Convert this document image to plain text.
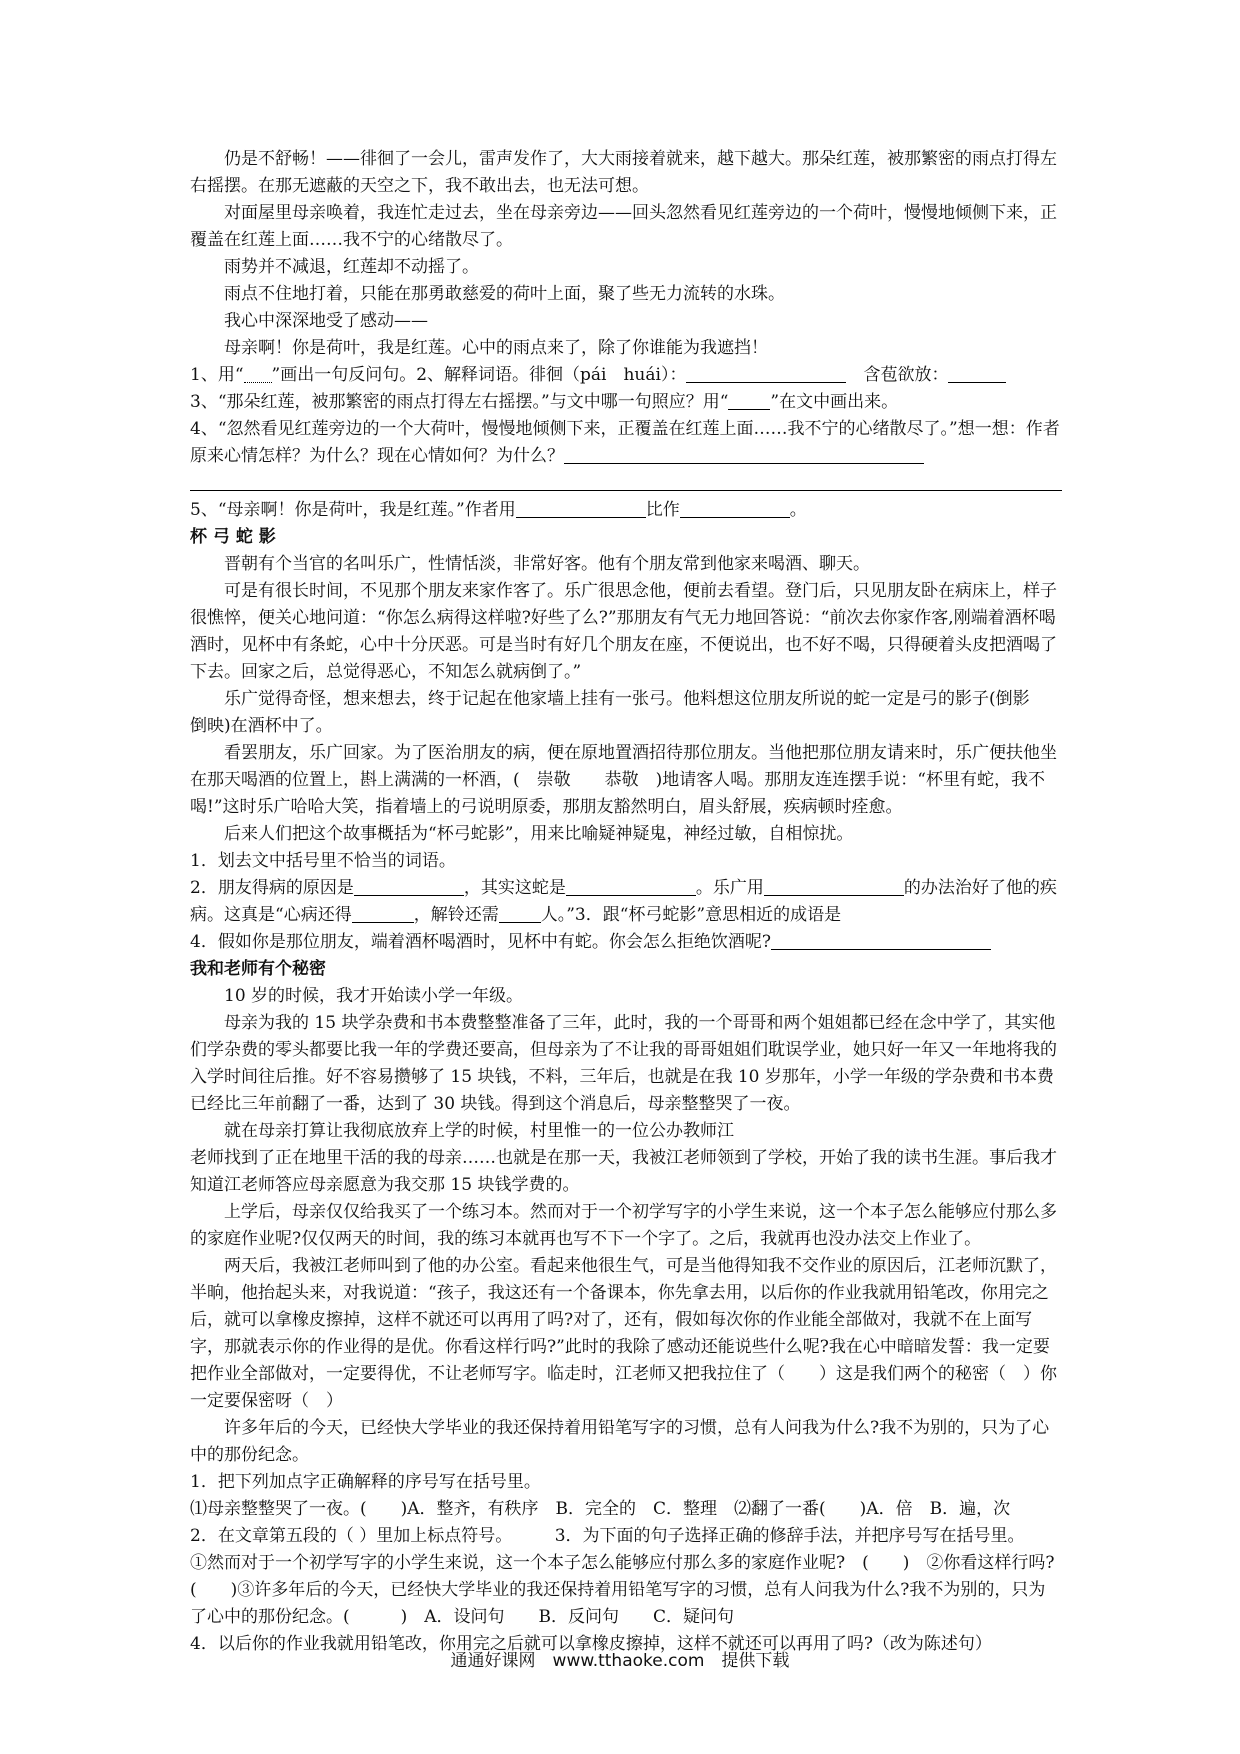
仍是不舒畅！——徘徊了一会儿，雷声发作了，大大雨接着就来，越下越大。那朵红莲，被那繁密的雨点打得左右摇摆。在那无遮蔽的天空之下，我不敢出去，也无法可想。

对面屋里母亲唤着，我连忙走过去，坐在母亲旁边——回头忽然看见红莲旁边的一个荷叶，慢慢地倾侧下来，正覆盖在红莲上面……我不宁的心绪散尽了。

雨势并不减退，红莲却不动摇了。

雨点不住地打着，只能在那勇敢慈爱的荷叶上面，聚了些无力流转的水珠。

我心中深深地受了感动——

母亲啊！你是荷叶，我是红莲。心中的雨点来了，除了你谁能为我遮挡！

1、用“ ”画出一句反问句。2、解释词语。徘徊（pái　huái）：　	含苞欲放：

3、“那朵红莲，被那繁密的雨点打得左右摇摆。”与文中哪一句照应？用“ ”在文中画出来。

4、“忽然看见红莲旁边的一个大荷叶，慢慢地倾侧下来，正覆盖在红莲上面……我不宁的心绪散尽了。”想一想：作者原来心情怎样？为什么？现在心情如何？为什么？

5、“母亲啊！你是荷叶，我是红莲。”作者用	比作	。

杯 弓 蛇 影

晋朝有个当官的名叫乐广，性情恬淡，非常好客。他有个朋友常到他家来喝酒、聊天。

可是有很长时间，不见那个朋友来家作客了。乐广很思念他，便前去看望。登门后，只见朋友卧在病床上，样子很憔悴，便关心地问道：“你怎么病得这样啦?好些了么?”那朋友有气无力地回答说：“前次去你家作客,刚端着酒杯喝酒时，见杯中有条蛇，心中十分厌恶。可是当时有好几个朋友在座，不便说出，也不好不喝，只得硬着头皮把酒喝了下去。回家之后，总觉得恶心，不知怎么就病倒了。”

乐广觉得奇怪，想来想去，终于记起在他家墙上挂有一张弓。他料想这位朋友所说的蛇一定是弓的影子(倒影　倒映)在酒杯中了。

看罢朋友，乐广回家。为了医治朋友的病，便在原地置酒招待那位朋友。当他把那位朋友请来时，乐广便扶他坐在那天喝酒的位置上，斟上满满的一杯酒，(　崇敬　　恭敬　)地请客人喝。那朋友连连摆手说：“杯里有蛇，我不喝!”这时乐广哈哈大笑，指着墙上的弓说明原委，那朋友豁然明白，眉头舒展，疾病顿时痊愈。

后来人们把这个故事概括为“杯弓蛇影”，用来比喻疑神疑鬼，神经过敏，自相惊扰。

1．划去文中括号里不恰当的词语。

2．朋友得病的原因是	，其实这蛇是	。乐广用	的办法治好了他的疾病。这真是“心病还得	，解铃还需 人。”3．跟“杯弓蛇影”意思相近的成语是

4．假如你是那位朋友，端着酒杯喝酒时，见杯中有蛇。你会怎么拒绝饮酒呢?

我和老师有个秘密

10 岁的时候，我才开始读小学一年级。

母亲为我的 15 块学杂费和书本费整整准备了三年，此时，我的一个哥哥和两个姐姐都已经在念中学了，其实他们学杂费的零头都要比我一年的学费还要高，但母亲为了不让我的哥哥姐姐们耽误学业，她只好一年又一年地将我的入学时间往后推。好不容易攒够了 15 块钱，不料，三年后，也就是在我 10 岁那年，小学一年级的学杂费和书本费已经比三年前翻了一番，达到了 30 块钱。得到这个消息后，母亲整整哭了一夜。

就在母亲打算让我彻底放弃上学的时候，村里惟一的一位公办教师江

老师找到了正在地里干活的我的母亲……也就是在那一天，我被江老师领到了学校，开始了我的读书生涯。事后我才知道江老师答应母亲愿意为我交那 15 块钱学费的。

上学后，母亲仅仅给我买了一个练习本。然而对于一个初学写字的小学生来说，这一个本子怎么能够应付那么多的家庭作业呢?仅仅两天的时间，我的练习本就再也写不下一个字了。之后，我就再也没办法交上作业了。

两天后，我被江老师叫到了他的办公室。看起来他很生气，可是当他得知我不交作业的原因后，江老师沉默了，半晌，他抬起头来，对我说道：“孩子，我这还有一个备课本，你先拿去用，以后你的作业我就用铅笔改，你用完之后，就可以拿橡皮擦掉，这样不就还可以再用了吗?对了，还有，假如每次你的作业能全部做对，我就不在上面写字，那就表示你的作业得的是优。你看这样行吗?”此时的我除了感动还能说些什么呢?我在心中暗暗发誓：我一定要把作业全部做对，一定要得优，不让老师写字。临走时，江老师又把我拉住了（　　）这是我们两个的秘密（　）你一定要保密呀（　）

许多年后的今天，已经快大学毕业的我还保持着用铅笔写字的习惯，总有人问我为什么?我不为别的，只为了心中的那份纪念。

1．把下列加点字正确解释的序号写在括号里。

⑴母亲整整哭了一夜。(　　)A．整齐，有秩序　B．完全的　C．整理　⑵翻了一番(　　)A．倍　B．遍，次

2．在文章第五段的（ ）里加上标点符号。　　　3．为下面的句子选择正确的修辞手法，并把序号写在括号里。

①然而对于一个初学写字的小学生来说，这一个本子怎么能够应付那么多的家庭作业呢?　(　　)　②你看这样行吗?　(　　)③许多年后的今天，已经快大学毕业的我还保持着用铅笔写字的习惯，总有人问我为什么?我不为别的，只为了心中的那份纪念。(　　　)　A．设问句　　B．反问句　　C．疑问句

4．以后你的作业我就用铅笔改，你用完之后就可以拿橡皮擦掉，这样不就还可以再用了吗?（改为陈述句）

通通好课网　www.tthaoke.com　提供下载
